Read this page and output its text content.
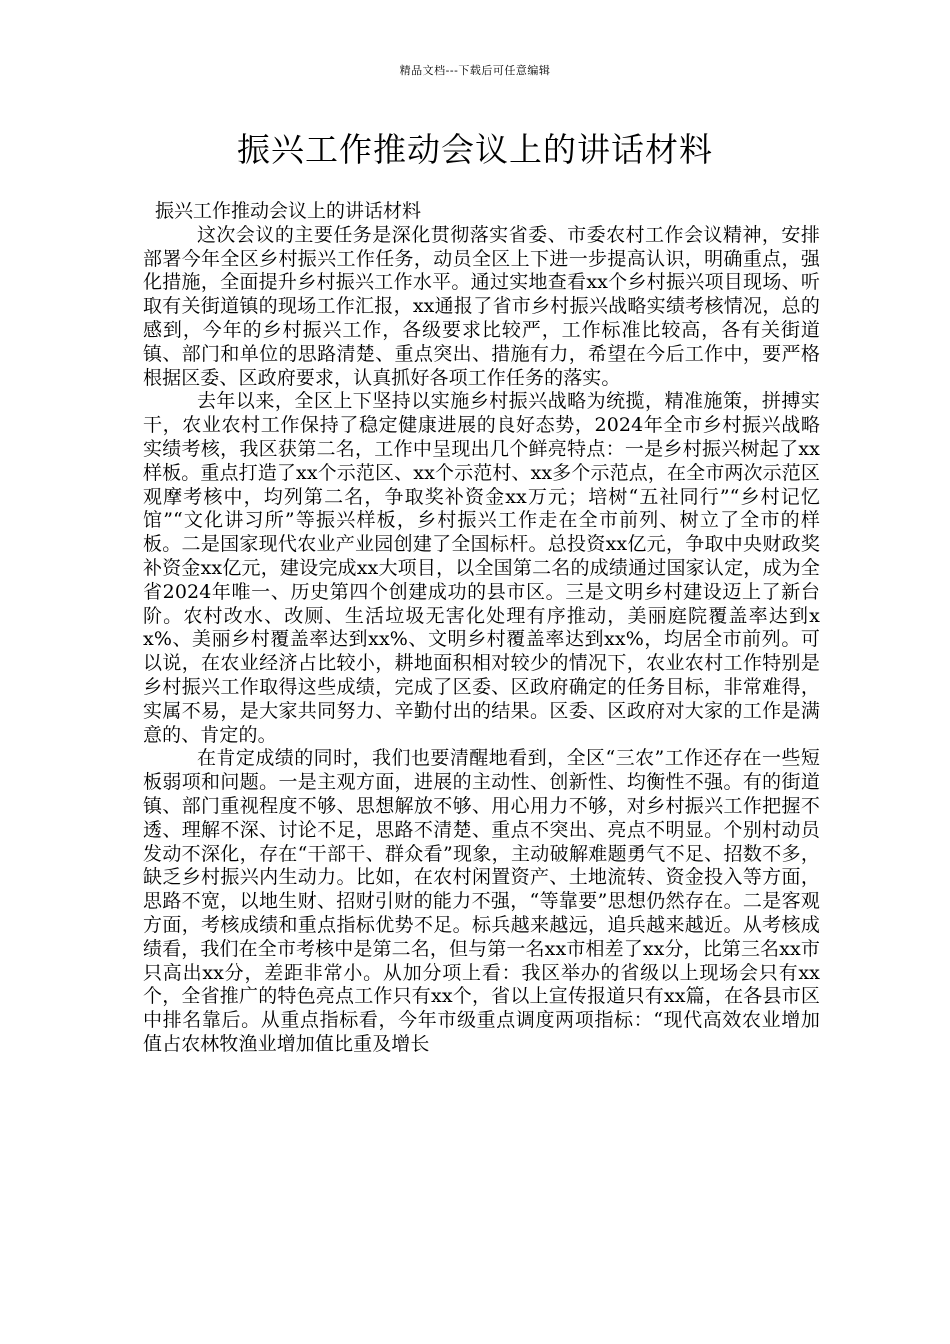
精品文档---下载后可任意编辑
振兴工作推动会议上的讲话材料

振兴工作推动会议上的讲话材料

这次会议的主要任务是深化贯彻落实省委、市委农村工作会议精神，安排部署今年全区乡村振兴工作任务，动员全区上下进一步提高认识，明确重点，强化措施，全面提升乡村振兴工作水平。通过实地查看xx个乡村振兴项目现场、听取有关街道镇的现场工作汇报，xx通报了省市乡村振兴战略实绩考核情况，总的感到，今年的乡村振兴工作，各级要求比较严，工作标准比较高，各有关街道镇、部门和单位的思路清楚、重点突出、措施有力，希望在今后工作中，要严格根据区委、区政府要求，认真抓好各项工作任务的落实。

去年以来，全区上下坚持以实施乡村振兴战略为统揽，精准施策，拼搏实干，农业农村工作保持了稳定健康进展的良好态势，2024年全市乡村振兴战略实绩考核，我区获第二名，工作中呈现出几个鲜亮特点：一是乡村振兴树起了xx样板。重点打造了xx个示范区、xx个示范村、xx多个示范点，在全市两次示范区观摩考核中，均列第二名，争取奖补资金xx万元；培树“五社同行”“乡村记忆馆”“文化讲习所”等振兴样板，乡村振兴工作走在全市前列、树立了全市的样板。二是国家现代农业产业园创建了全国标杆。总投资xx亿元，争取中央财政奖补资金xx亿元，建设完成xx大项目，以全国第二名的成绩通过国家认定，成为全省2024年唯一、历史第四个创建成功的县市区。三是文明乡村建设迈上了新台阶。农村改水、改厕、生活垃圾无害化处理有序推动，美丽庭院覆盖率达到xx%、美丽乡村覆盖率达到xx%、文明乡村覆盖率达到xx%，均居全市前列。可以说，在农业经济占比较小，耕地面积相对较少的情况下，农业农村工作特别是乡村振兴工作取得这些成绩，完成了区委、区政府确定的任务目标，非常难得，实属不易，是大家共同努力、辛勤付出的结果。区委、区政府对大家的工作是满意的、肯定的。

在肯定成绩的同时，我们也要清醒地看到，全区“三农”工作还存在一些短板弱项和问题。一是主观方面，进展的主动性、创新性、均衡性不强。有的街道镇、部门重视程度不够、思想解放不够、用心用力不够，对乡村振兴工作把握不透、理解不深、讨论不足，思路不清楚、重点不突出、亮点不明显。个别村动员发动不深化，存在“干部干、群众看”现象，主动破解难题勇气不足、招数不多，缺乏乡村振兴内生动力。比如，在农村闲置资产、土地流转、资金投入等方面，思路不宽，以地生财、招财引财的能力不强，“等靠要”思想仍然存在。二是客观方面，考核成绩和重点指标优势不足。标兵越来越远，追兵越来越近。从考核成绩看，我们在全市考核中是第二名，但与第一名xx市相差了xx分，比第三名xx市只高出xx分，差距非常小。从加分项上看：我区举办的省级以上现场会只有xx个，全省推广的特色亮点工作只有xx个，省以上宣传报道只有xx篇，在各县市区中排名靠后。从重点指标看，今年市级重点调度两项指标：“现代高效农业增加值占农林牧渔业增加值比重及增长
